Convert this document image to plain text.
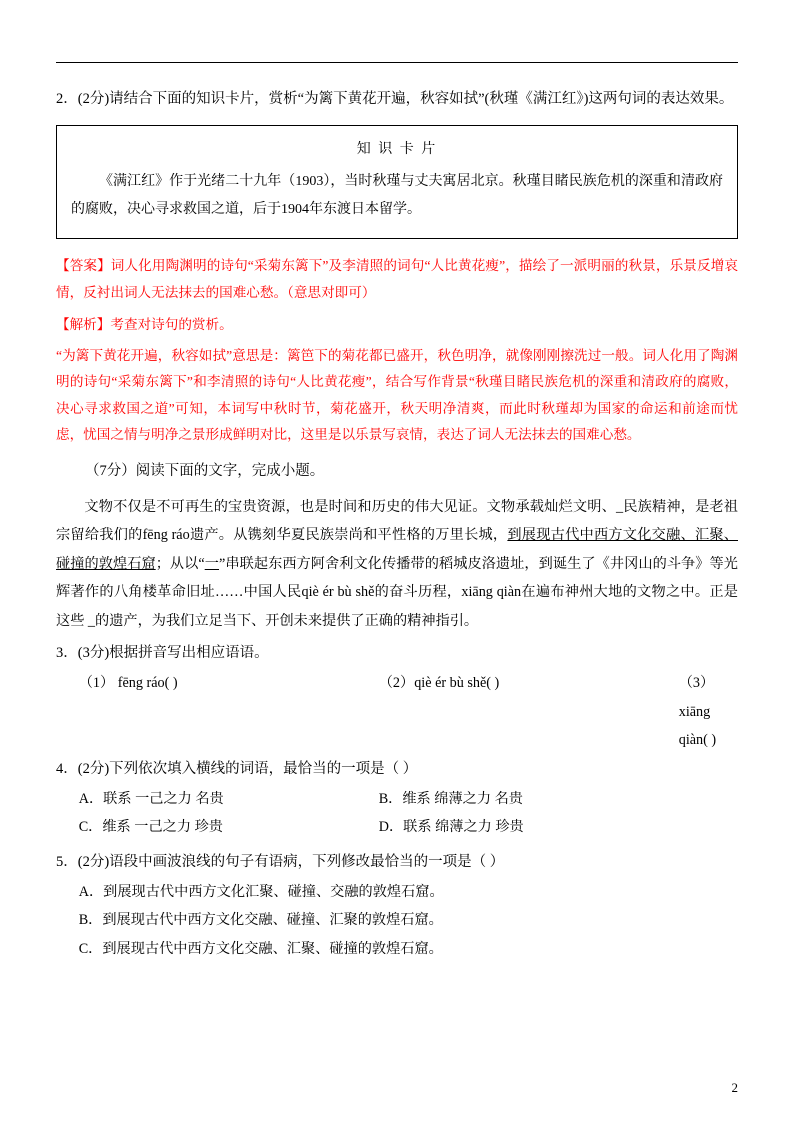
2．(2分)请结合下面的知识卡片，赏析“为篱下黄花开遍，秋容如拭”(秋瑾《满江红》)这两句词的表达效果。

知 识 卡 片
《满江红》作于光绪二十九年（1903），当时秋瑾与丈夫寓居北京。秋瑾目睹民族危机的深重和清政府的腐败，决心寻求救国之道，后于1904年东渡日本留学。

【答案】词人化用陶渊明的诗句“采菊东篱下”及李清照的词句“人比黄花瘦”，描绘了一派明丽的秋景，乐景反增哀情，反衬出词人无法抹去的国难心愁。（意思对即可）

【解析】考查对诗句的赏析。

“为篱下黄花开遍，秋容如拭”意思是：篱笆下的菊花都已盛开，秋色明净，就像刚刚擦洗过一般。词人化用了陶渊明的诗句“采菊东篱下”和李清照的诗句“人比黄花瘦”，结合写作背景“秋瑾目睹民族危机的深重和清政府的腐败，决心寻求救国之道”可知，本词写中秋时节，菊花盛开，秋天明净清爽，而此时秋瑾却为国家的命运和前途而忧虑，忧国之情与明净之景形成鲜明对比，这里是以乐景写哀情，表达了词人无法抹去的国难心愁。

（7分）阅读下面的文字，完成小题。

文物不仅是不可再生的宝贵资源，也是时间和历史的伟大见证。文物承载灿烂文明、_民族精神，是老祖宗留给我们的fēng ráo遗产。从镌刻华夏民族崇尚和平性格的万里长城，到展现古代中西方文化交融、汇聚、碰撞的敦煌石窟；从以“一”串联起东西方阿舍利文化传播带的稻城皮洛遗址，到诞生了《井冈山的斗争》等光辉著作的八角楼革命旧址……中国人民qiè ér bù shě的奋斗历程，xiāng qiàn在遍布神州大地的文物之中。正是这些 _的遗产，为我们立足当下、开创未来提供了正确的精神指引。

3．(3分)根据拼音写出相应语语。

（1） fēng ráo( )	（2）qiè ér bù shě( )	（3）xiāng qiàn( )

4．(2分)下列依次填入横线的词语，最恰当的一项是（ ）

A．联系 一己之力 名贵	B．维系 绵薄之力 名贵
C．维系 一己之力 珍贵	D．联系 绵薄之力 珍贵

5．(2分)语段中画波浪线的句子有语病，下列修改最恰当的一项是（ ）

A．到展现古代中西方文化汇聚、碰撞、交融的敦煌石窟。
B．到展现古代中西方文化交融、碰撞、汇聚的敦煌石窟。
C．到展现古代中西方文化交融、汇聚、碰撞的敦煌石窟。
2
